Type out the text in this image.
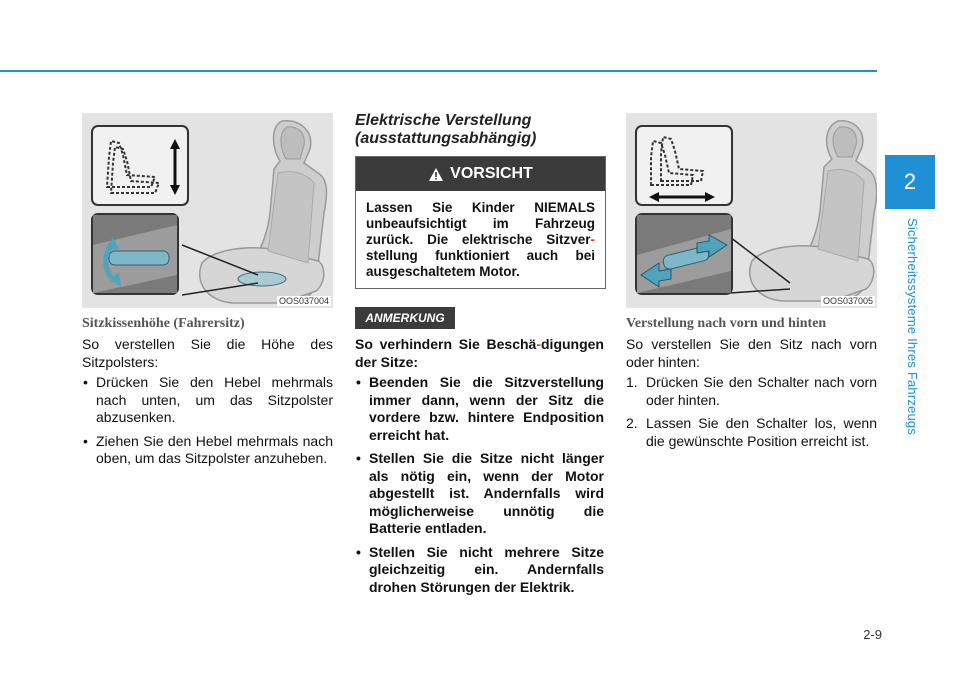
OOS037004
Sitzkissenhöhe (Fahrersitz)
So verstellen Sie die Höhe des Sitzpolsters:
• Drücken Sie den Hebel mehrmals nach unten, um das Sitzpolster abzusenken.
• Ziehen Sie den Hebel mehrmals nach oben, um das Sitzpolster anzuheben.
Elektrische Verstellung
(ausstattungsabhängig)
VORSICHT
Lassen Sie Kinder NIEMALS unbeaufsichtigt im Fahrzeug zurück. Die elektrische Sitzver-stellung funktioniert auch bei ausgeschaltetem Motor.
ANMERKUNG
So verhindern Sie Beschä-digungen der Sitze:
• Beenden Sie die Sitzverstellung immer dann, wenn der Sitz die vordere bzw. hintere Endposition erreicht hat.
• Stellen Sie die Sitze nicht länger als nötig ein, wenn der Motor abgestellt ist. Andernfalls wird möglicherweise unnötig die Batterie entladen.
• Stellen Sie nicht mehrere Sitze gleichzeitig ein. Andernfalls drohen Störungen der Elektrik.
OOS037005
Verstellung nach vorn und hinten
So verstellen Sie den Sitz nach vorn oder hinten:
1. Drücken Sie den Schalter nach vorn oder hinten.
2. Lassen Sie den Schalter los, wenn die gewünschte Position erreicht ist.
2
Sicherheitssysteme Ihres Fahrzeugs
2-9
